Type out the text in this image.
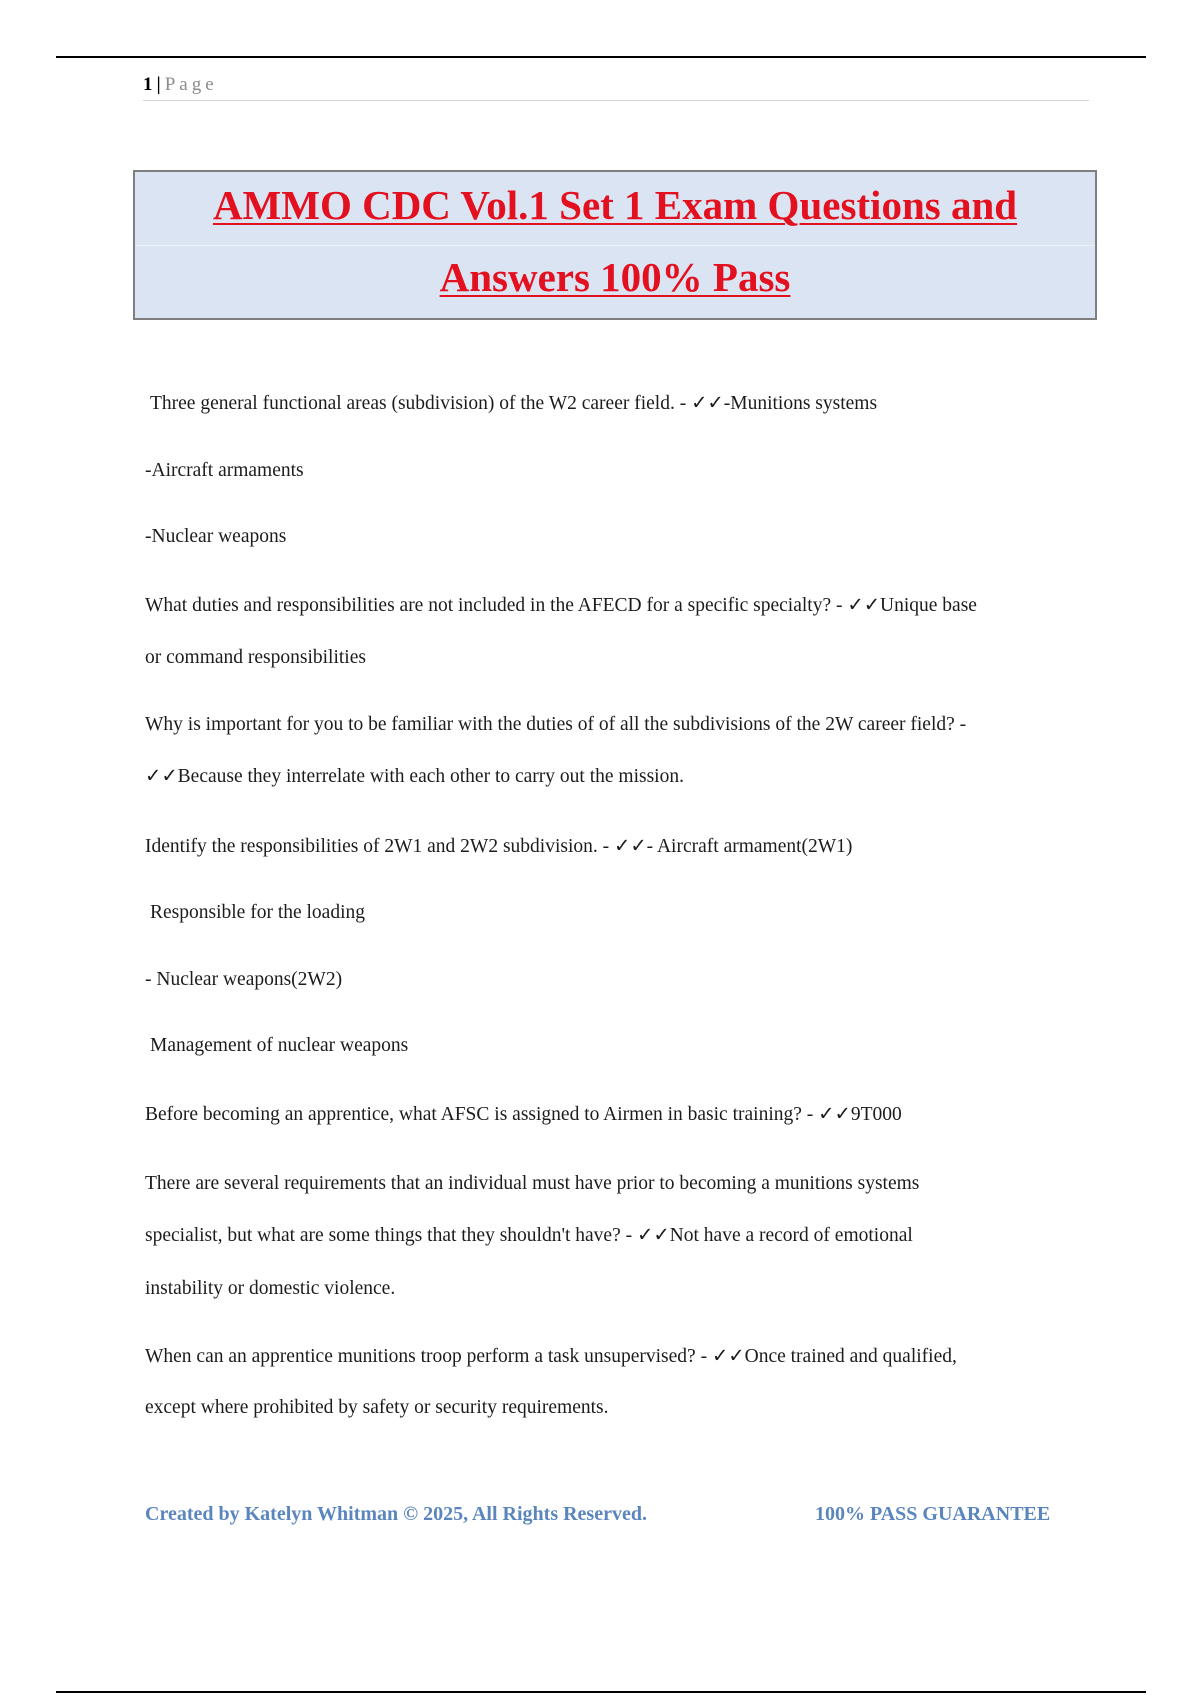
1 | Page
AMMO CDC Vol.1 Set 1 Exam Questions and
Answers 100% Pass
Three general functional areas (subdivision) of the W2 career field. - ✓✓-Munitions systems
-Aircraft armaments
-Nuclear weapons
What duties and responsibilities are not included in the AFECD for a specific specialty? - ✓✓Unique base
or command responsibilities
Why is important for you to be familiar with the duties of of all the subdivisions of the 2W career field? -
✓✓Because they interrelate with each other to carry out the mission.
Identify the responsibilities of 2W1 and 2W2 subdivision. - ✓✓- Aircraft armament(2W1)
Responsible for the loading
- Nuclear weapons(2W2)
Management of nuclear weapons
Before becoming an apprentice, what AFSC is assigned to Airmen in basic training? - ✓✓9T000
There are several requirements that an individual must have prior to becoming a munitions systems
specialist, but what are some things that they shouldn't have? - ✓✓Not have a record of emotional
instability or domestic violence.
When can an apprentice munitions troop perform a task unsupervised? - ✓✓Once trained and qualified,
except where prohibited by safety or security requirements.
Created by Katelyn Whitman © 2025, All Rights Reserved.	100% PASS GUARANTEE
